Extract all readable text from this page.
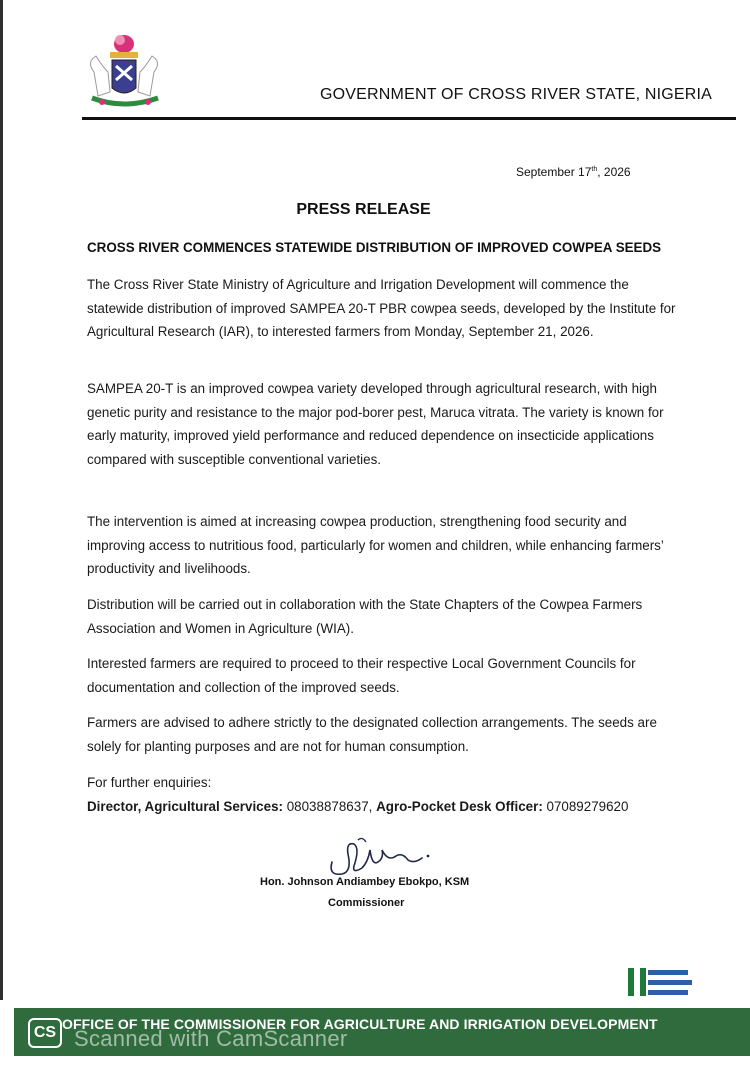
GOVERNMENT OF CROSS RIVER STATE, NIGERIA
September 17th, 2026
PRESS RELEASE
CROSS RIVER COMMENCES STATEWIDE DISTRIBUTION OF IMPROVED COWPEA SEEDS

The Cross River State Ministry of Agriculture and Irrigation Development will commence the statewide distribution of improved SAMPEA 20-T PBR cowpea seeds, developed by the Institute for Agricultural Research (IAR), to interested farmers from Monday, September 21, 2026.

SAMPEA 20-T is an improved cowpea variety developed through agricultural research, with high genetic purity and resistance to the major pod-borer pest, Maruca vitrata. The variety is known for early maturity, improved yield performance and reduced dependence on insecticide applications compared with susceptible conventional varieties.

The intervention is aimed at increasing cowpea production, strengthening food security and improving access to nutritious food, particularly for women and children, while enhancing farmers’ productivity and livelihoods.

Distribution will be carried out in collaboration with the State Chapters of the Cowpea Farmers Association and Women in Agriculture (WIA).

Interested farmers are required to proceed to their respective Local Government Councils for documentation and collection of the improved seeds.

Farmers are advised to adhere strictly to the designated collection arrangements. The seeds are solely for planting purposes and are not for human consumption.

For further enquiries:

Director, Agricultural Services: 08038878637, Agro-Pocket Desk Officer: 07089279620

Hon. Johnson Andiambey Ebokpo, KSM
Commissioner
CS Scanned with CamScanner
OFFICE OF THE COMMISSIONER FOR AGRICULTURE AND IRRIGATION DEVELOPMENT
